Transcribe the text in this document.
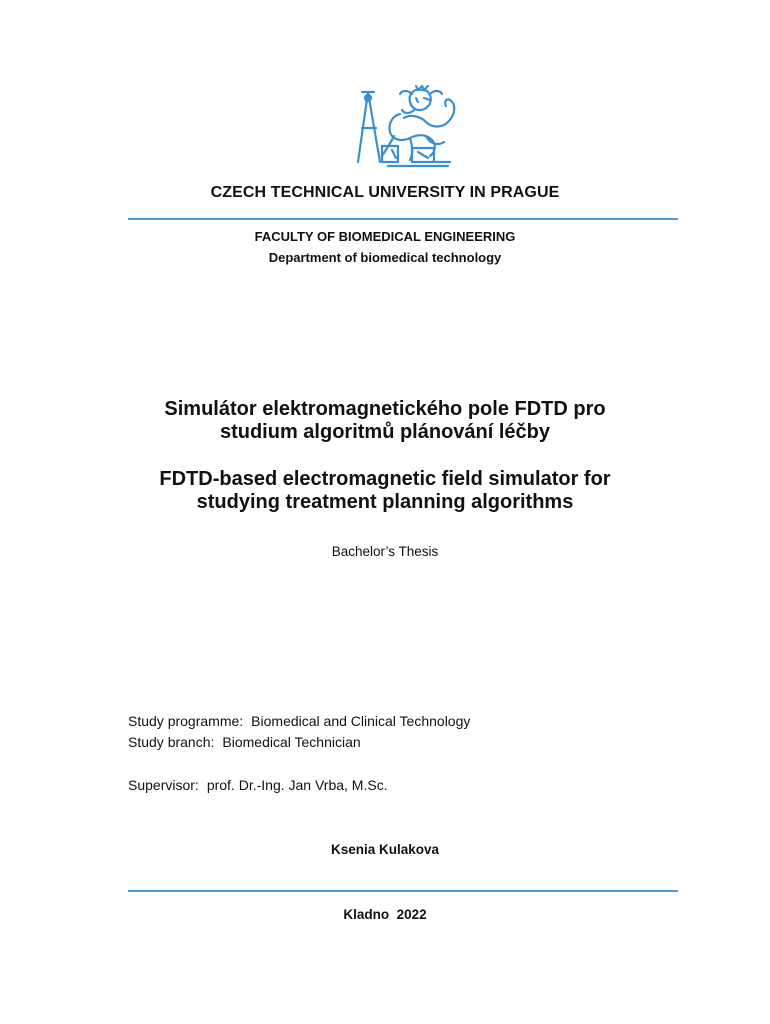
CZECH TECHNICAL UNIVERSITY IN PRAGUE
FACULTY OF BIOMEDICAL ENGINEERING
Department of biomedical technology
Simulátor elektromagnetického pole FDTD pro
studium algoritmů plánování léčby
FDTD-based electromagnetic field simulator for
studying treatment planning algorithms
Bachelor’s Thesis
Study programme: Biomedical and Clinical Technology
Study branch: Biomedical Technician
Supervisor: prof. Dr.-Ing. Jan Vrba, M.Sc.
Ksenia Kulakova
Kladno  2022
